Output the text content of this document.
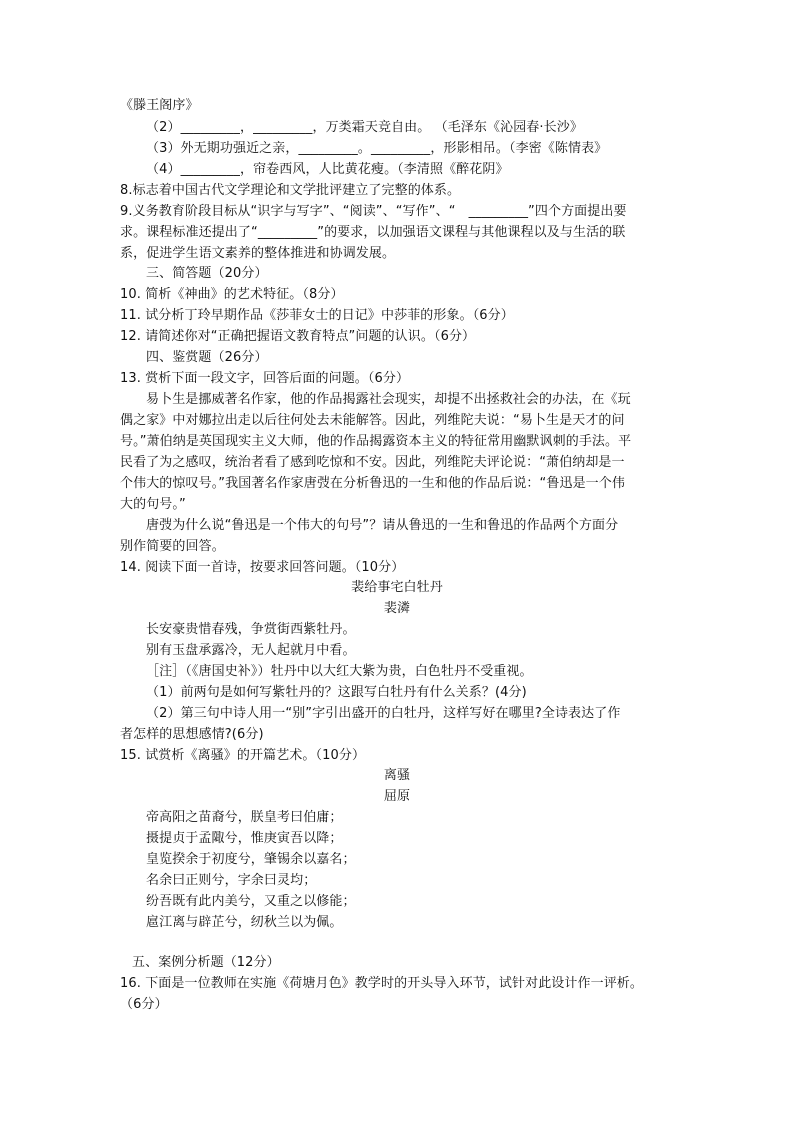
《滕王阁序》
（2）_________，_________，万类霜天竞自由。 （毛泽东《沁园春·长沙》
（3）外无期功强近之亲，_________。_________，形影相吊。（李密《陈情表》
（4）_________，帘卷西风，人比黄花瘦。（李清照《醉花阴》
8.标志着中国古代文学理论和文学批评建立了完整的体系。
9.义务教育阶段目标从“识字与写字”、“阅读”、“写作”、“　_________”四个方面提出要
求。课程标准还提出了“_________”的要求，以加强语文课程与其他课程以及与生活的联
系，促进学生语文素养的整体推进和协调发展。
三、简答题（20分）
10. 简析《神曲》的艺术特征。（8分）
11. 试分析丁玲早期作品《莎菲女士的日记》中莎菲的形象。（6分）
12. 请简述你对“正确把握语文教育特点”问题的认识。（6分）
四、鉴赏题（26分）
13. 赏析下面一段文字，回答后面的问题。（6分）
易卜生是挪威著名作家，他的作品揭露社会现实，却提不出拯救社会的办法，在《玩
偶之家》中对娜拉出走以后往何处去未能解答。因此，列维陀夫说：“易卜生是天才的问
号。”萧伯纳是英国现实主义大师，他的作品揭露资本主义的特征常用幽默讽刺的手法。平
民看了为之感叹，统治者看了感到吃惊和不安。因此，列维陀夫评论说：“萧伯纳却是一
个伟大的惊叹号。”我国著名作家唐弢在分析鲁迅的一生和他的作品后说：“鲁迅是一个伟
大的句号。”
唐弢为什么说“鲁迅是一个伟大的句号”？请从鲁迅的一生和鲁迅的作品两个方面分
别作简要的回答。
14. 阅读下面一首诗，按要求回答问题。（10分）
裴给事宅白牡丹
裴潾
长安豪贵惜春残，争赏街西紫牡丹。
别有玉盘承露冷，无人起就月中看。
［注］（《唐国史补》）牡丹中以大红大紫为贵，白色牡丹不受重视。
（1）前两句是如何写紫牡丹的？这跟写白牡丹有什么关系？(4分)
（2）第三句中诗人用一“别”字引出盛开的白牡丹，这样写好在哪里?全诗表达了作
者怎样的思想感情?(6分)
15. 试赏析《离骚》的开篇艺术。（10分）
离骚
屈原
帝高阳之苗裔兮，朕皇考曰伯庸；
摄提贞于孟陬兮，惟庚寅吾以降；
皇览揆余于初度兮，肇锡余以嘉名；
名余曰正则兮，字余曰灵均；
纷吾既有此内美兮，又重之以修能；
扈江离与辟芷兮，纫秋兰以为佩。
五、案例分析题（12分）
16. 下面是一位教师在实施《荷塘月色》教学时的开头导入环节，试针对此设计作一评析。
（6分）
